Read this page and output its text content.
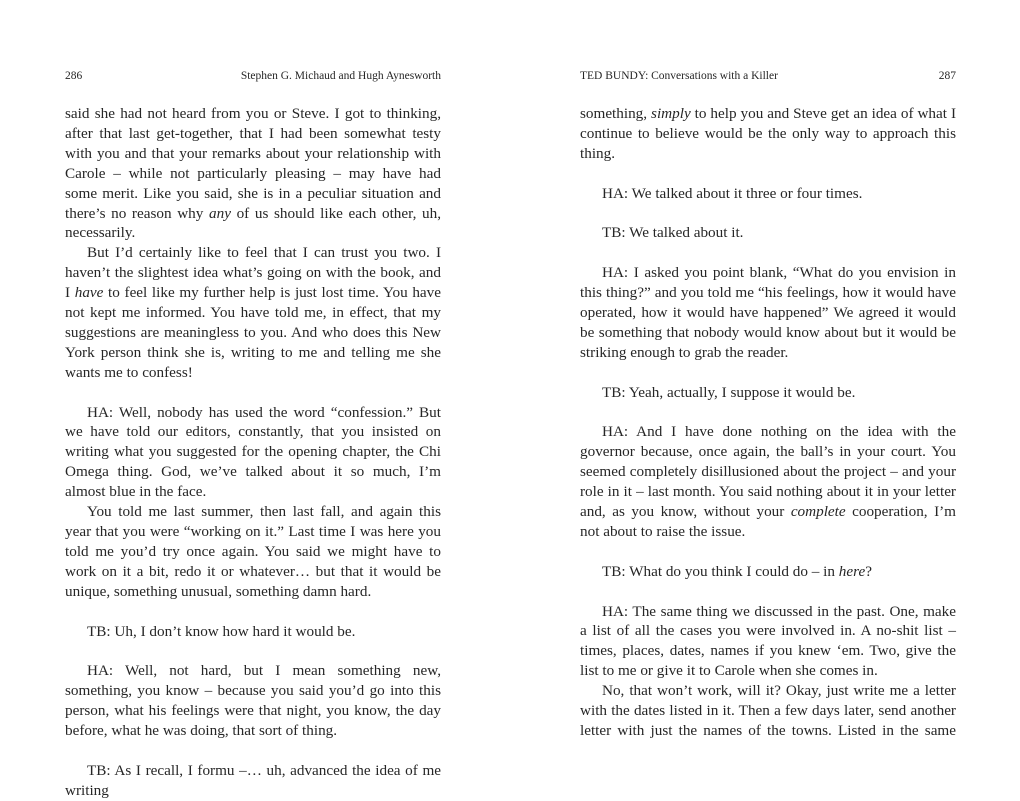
286	Stephen G. Michaud and Hugh Aynesworth

said she had not heard from you or Steve. I got to thinking, after that last get-together, that I had been somewhat testy with you and that your remarks about your relationship with Carole – while not particularly pleasing – may have had some merit. Like you said, she is in a peculiar situation and there’s no reason why any of us should like each other, uh, necessarily.

But I’d certainly like to feel that I can trust you two. I haven’t the slightest idea what’s going on with the book, and I have to feel like my further help is just lost time. You have not kept me informed. You have told me, in effect, that my suggestions are meaningless to you. And who does this New York person think she is, writing to me and telling me she wants me to confess!

HA: Well, nobody has used the word “confession.” But we have told our editors, constantly, that you insisted on writing what you suggested for the opening chapter, the Chi Omega thing. God, we’ve talked about it so much, I’m almost blue in the face.

You told me last summer, then last fall, and again this year that you were “working on it.” Last time I was here you told me you’d try once again. You said we might have to work on it a bit, redo it or whatever… but that it would be unique, something unusual, something damn hard.

TB: Uh, I don’t know how hard it would be.

HA: Well, not hard, but I mean something new, something, you know – because you said you’d go into this person, what his feelings were that night, you know, the day before, what he was doing, that sort of thing.

TB: As I recall, I formu –… uh, advanced the idea of me writing

TED BUNDY: Conversations with a Killer	287

something, simply to help you and Steve get an idea of what I continue to believe would be the only way to approach this thing.

HA: We talked about it three or four times.

TB: We talked about it.

HA: I asked you point blank, “What do you envision in this thing?” and you told me “his feelings, how it would have operated, how it would have happened” We agreed it would be something that nobody would know about but it would be striking enough to grab the reader.

TB: Yeah, actually, I suppose it would be.

HA: And I have done nothing on the idea with the governor because, once again, the ball’s in your court. You seemed completely disillusioned about the project – and your role in it – last month. You said nothing about it in your letter and, as you know, without your complete cooperation, I’m not about to raise the issue.

TB: What do you think I could do – in here?

HA: The same thing we discussed in the past. One, make a list of all the cases you were involved in. A no-shit list – times, places, dates, names if you knew ‘em. Two, give the list to me or give it to Carole when she comes in.

No, that won’t work, will it? Okay, just write me a letter with the dates listed in it. Then a few days later, send another letter with just the names of the towns. Listed in the same
